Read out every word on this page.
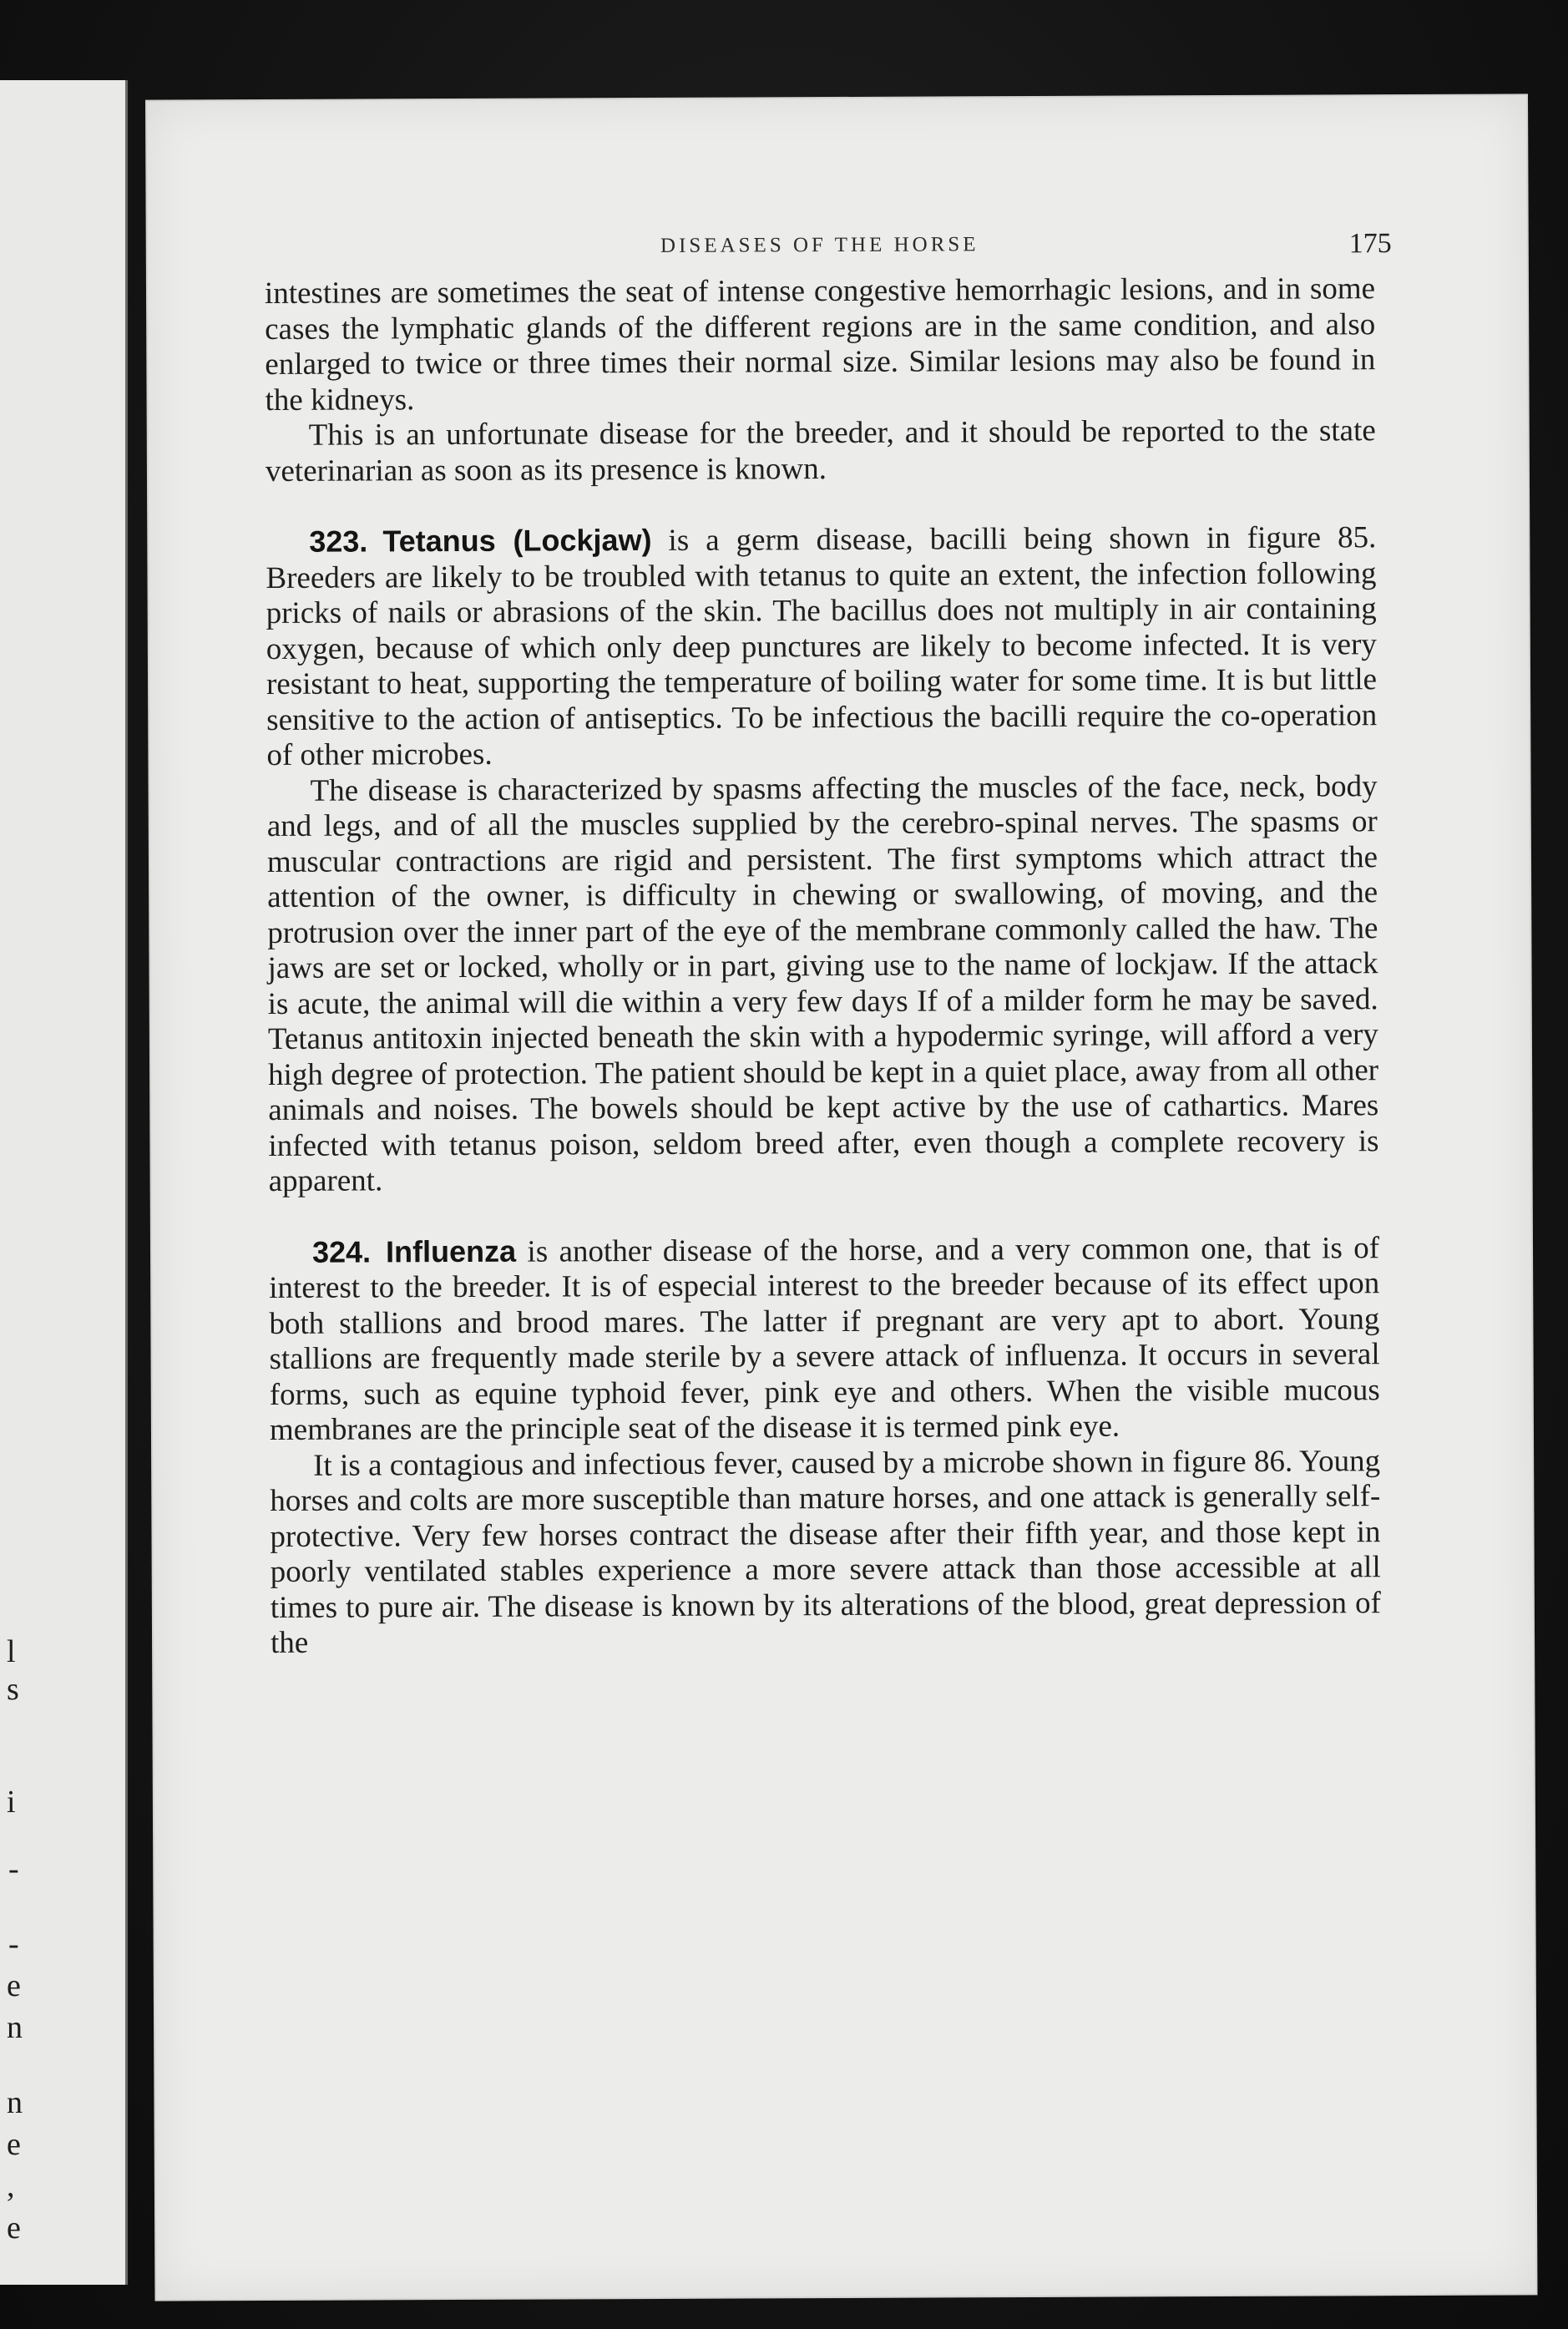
l
s
i
-
-
e
n
n
e
,
e
DISEASES OF THE HORSE	175

intestines are sometimes the seat of intense congestive hemorrhagic lesions, and in some cases the lymphatic glands of the different regions are in the same condition, and also enlarged to twice or three times their normal size. Similar lesions may also be found in the kidneys.

This is an unfortunate disease for the breeder, and it should be reported to the state veterinarian as soon as its presence is known.

323. Tetanus (Lockjaw) is a germ disease, bacilli being shown in figure 85. Breeders are likely to be troubled with tetanus to quite an extent, the infection following pricks of nails or abrasions of the skin. The bacillus does not multiply in air containing oxygen, because of which only deep punctures are likely to become infected. It is very resistant to heat, supporting the temperature of boiling water for some time. It is but little sensitive to the action of antiseptics. To be infectious the bacilli require the co-operation of other microbes.

The disease is characterized by spasms affecting the muscles of the face, neck, body and legs, and of all the muscles supplied by the cerebro-spinal nerves. The spasms or muscular contractions are rigid and persistent. The first symptoms which attract the attention of the owner, is difficulty in chewing or swallowing, of moving, and the protrusion over the inner part of the eye of the membrane commonly called the haw. The jaws are set or locked, wholly or in part, giving use to the name of lockjaw. If the attack is acute, the animal will die within a very few days If of a milder form he may be saved. Tetanus antitoxin injected beneath the skin with a hypodermic syringe, will afford a very high degree of protection. The patient should be kept in a quiet place, away from all other animals and noises. The bowels should be kept active by the use of cathartics. Mares infected with tetanus poison, seldom breed after, even though a complete recovery is apparent.

324. Influenza is another disease of the horse, and a very common one, that is of interest to the breeder. It is of especial interest to the breeder because of its effect upon both stallions and brood mares. The latter if pregnant are very apt to abort. Young stallions are frequently made sterile by a severe attack of influenza. It occurs in several forms, such as equine typhoid fever, pink eye and others. When the visible mucous membranes are the principle seat of the disease it is termed pink eye.

It is a contagious and infectious fever, caused by a microbe shown in figure 86. Young horses and colts are more susceptible than mature horses, and one attack is generally self-protective. Very few horses contract the disease after their fifth year, and those kept in poorly ventilated stables experience a more severe attack than those accessible at all times to pure air. The disease is known by its alterations of the blood, great depression of the
